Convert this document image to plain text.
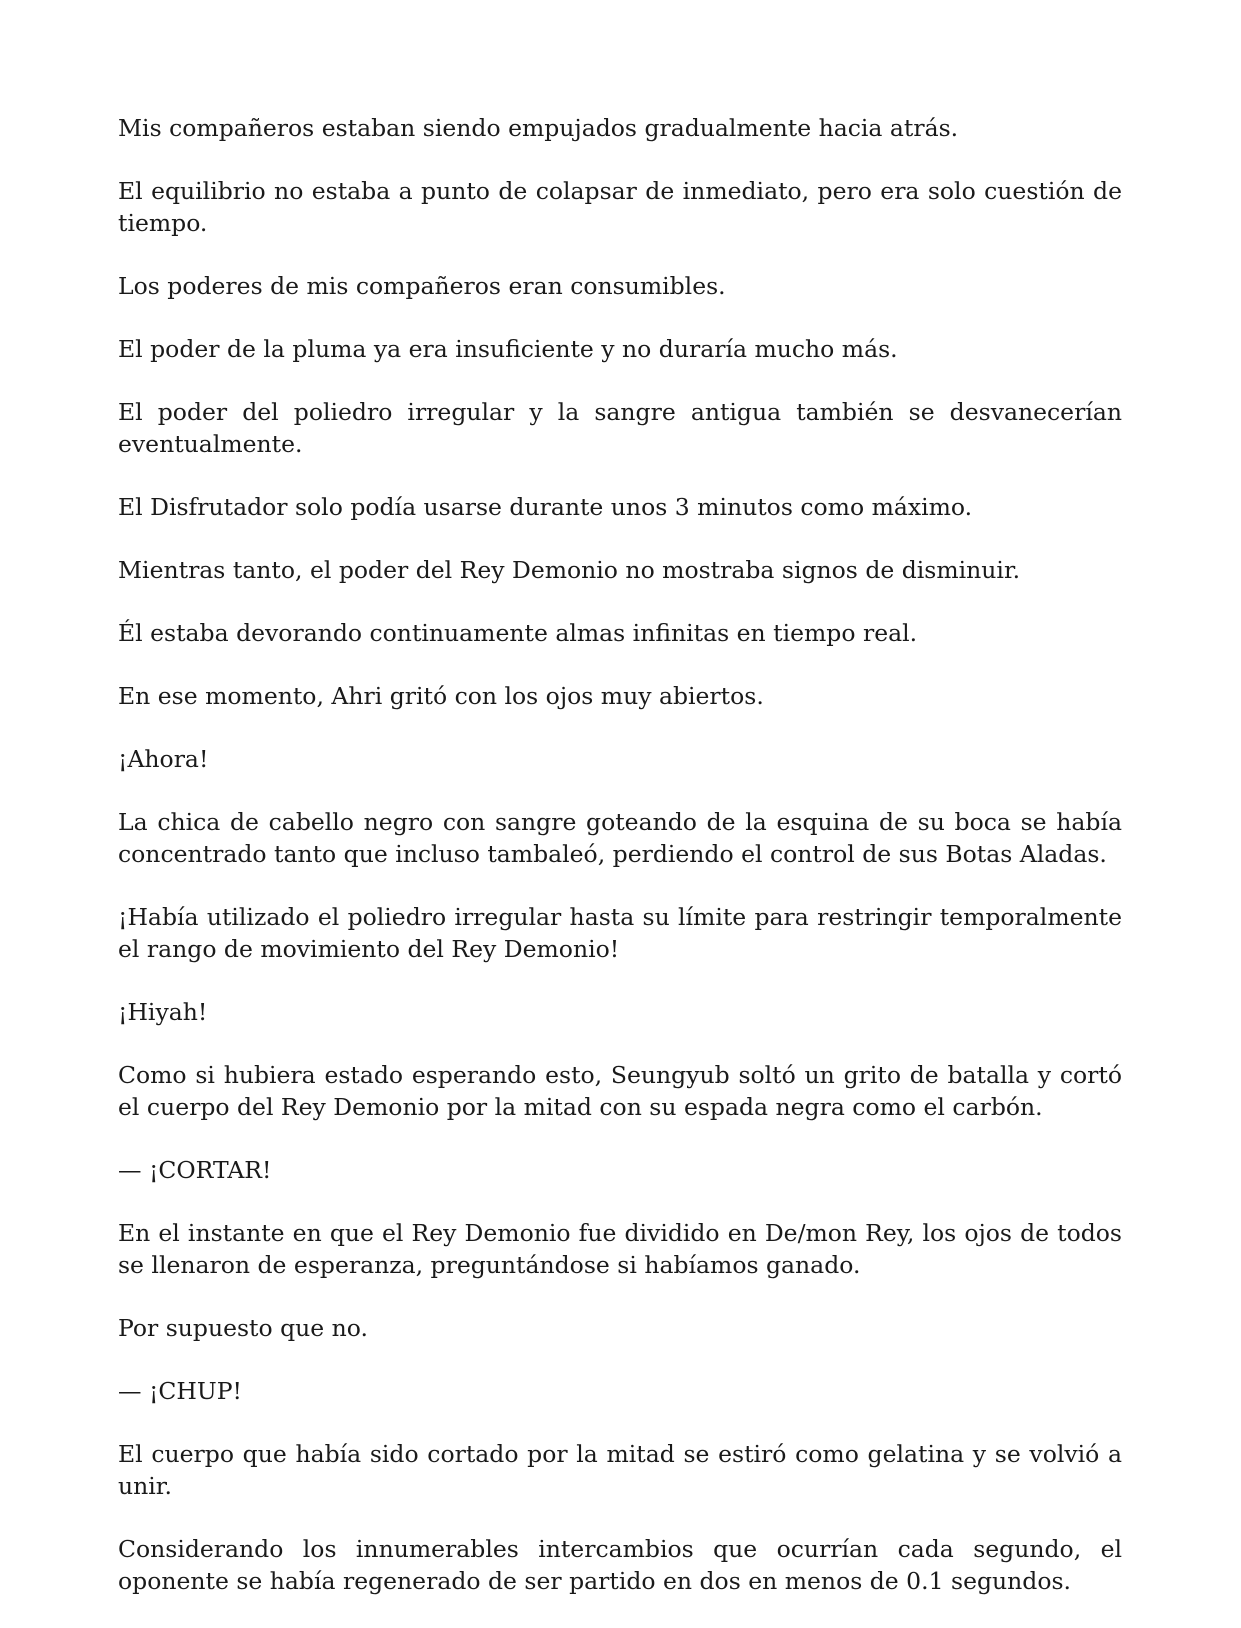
Mis compañeros estaban siendo empujados gradualmente hacia atrás.

El equilibrio no estaba a punto de colapsar de inmediato, pero era solo cuestión de tiempo.

Los poderes de mis compañeros eran consumibles.

El poder de la pluma ya era insuficiente y no duraría mucho más.

El poder del poliedro irregular y la sangre antigua también se desvanecerían eventualmente.

El Disfrutador solo podía usarse durante unos 3 minutos como máximo.

Mientras tanto, el poder del Rey Demonio no mostraba signos de disminuir.

Él estaba devorando continuamente almas infinitas en tiempo real.

En ese momento, Ahri gritó con los ojos muy abiertos.

¡Ahora!

La chica de cabello negro con sangre goteando de la esquina de su boca se había concentrado tanto que incluso tambaleó, perdiendo el control de sus Botas Aladas.

¡Había utilizado el poliedro irregular hasta su límite para restringir temporalmente el rango de movimiento del Rey Demonio!

¡Hiyah!

Como si hubiera estado esperando esto, Seungyub soltó un grito de batalla y cortó el cuerpo del Rey Demonio por la mitad con su espada negra como el carbón.

— ¡CORTAR!

En el instante en que el Rey Demonio fue dividido en De/mon Rey, los ojos de todos se llenaron de esperanza, preguntándose si habíamos ganado.

Por supuesto que no.

— ¡CHUP!

El cuerpo que había sido cortado por la mitad se estiró como gelatina y se volvió a unir.

Considerando los innumerables intercambios que ocurrían cada segundo, el oponente se había regenerado de ser partido en dos en menos de 0.1 segundos.
